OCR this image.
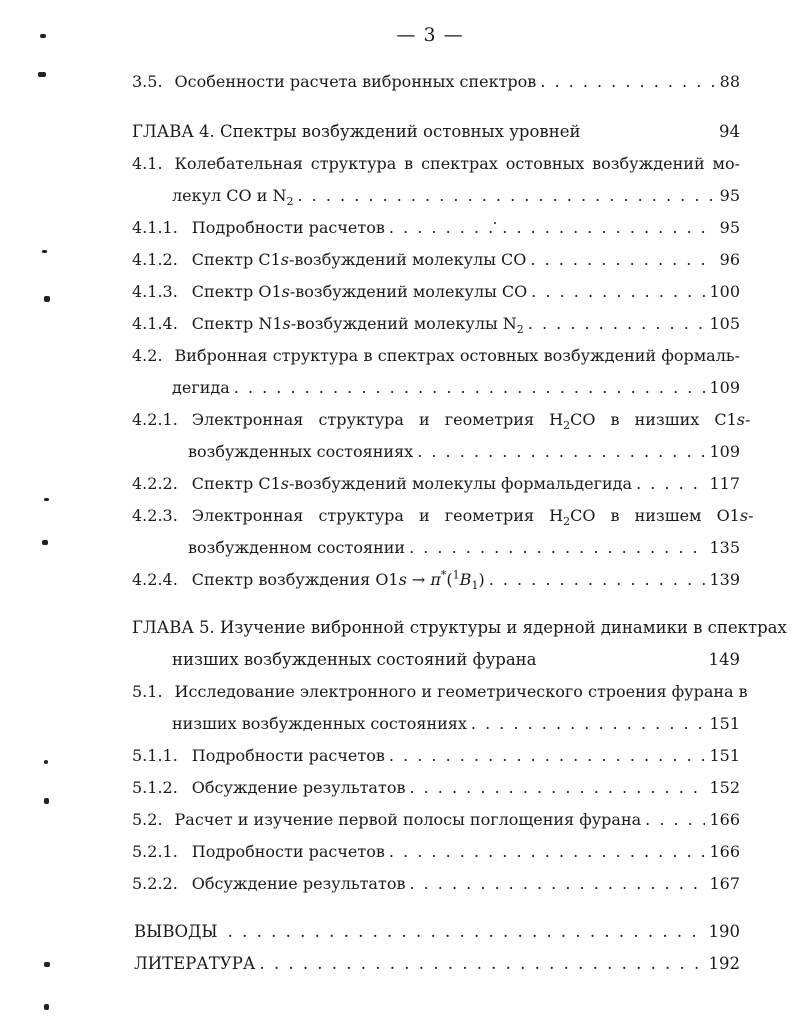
— 3 —
3.5. Особенности расчета вибронных спектров . . .	88
ГЛАВА 4. Спектры возбуждений остовных уровней	94
4.1. Колебательная структура в спектрах остовных возбуждений мо-
лекул CO и $N_2$ . . .	95
4.1.1. Подробности расчетов . . .	95
4.1.2. Спектр C1s-возбуждений молекулы CO . . .	96
4.1.3. Спектр O1s-возбуждений молекулы CO . . .	100
4.1.4. Спектр N1s-возбуждений молекулы $N_2$ . . .	105
4.2. Вибронная структура в спектрах остовных возбуждений формаль-
дегида . . .	109
4.2.1. Электронная структура и геометрия $H_2CO$ в низших C1s-
возбужденных состояниях . . .	109
4.2.2. Спектр C1s-возбуждений молекулы формальдегида . . .	117
4.2.3. Электронная структура и геометрия $H_2CO$ в низшем O1s-
возбужденном состоянии . . .	135
4.2.4. Спектр возбуждения $O1s \to \pi^*(^1B_1)$ . . .	139
ГЛАВА 5. Изучение вибронной структуры и ядерной динамики в спектрах
низших возбужденных состояний фурана	149
5.1. Исследование электронного и геометрического строения фурана в
низших возбужденных состояниях . . .	151
5.1.1. Подробности расчетов . . .	151
5.1.2. Обсуждение результатов . . .	152
5.2. Расчет и изучение первой полосы поглощения фурана . . .	166
5.2.1. Подробности расчетов . . .	166
5.2.2. Обсуждение результатов . . .	167
ВЫВОДЫ . . .	190
ЛИТЕРАТУРА . . .	192
